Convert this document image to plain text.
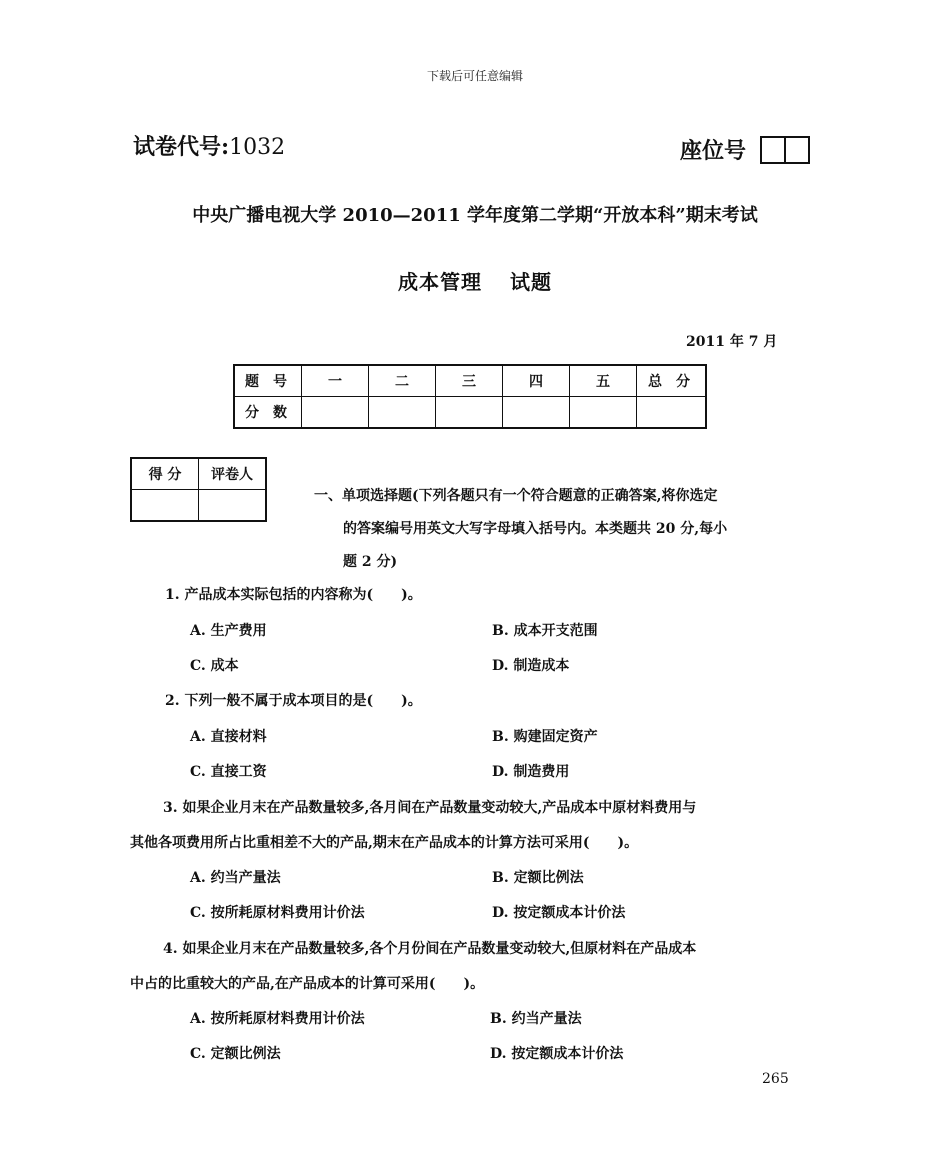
下载后可任意编辑
试卷代号:1032	座位号
中央广播电视大学 2010—2011 学年度第二学期“开放本科”期末考试
成本管理 试题
2011 年 7 月
题号	一	二	三	四	五	总分
分数						
得 分	评卷人

一、单项选择题(下列各题只有一个符合题意的正确答案,将你选定
的答案编号用英文大写字母填入括号内。本类题共 20 分,每小
题 2 分)
1. 产品成本实际包括的内容称为(　　)。
A. 生产费用	B. 成本开支范围
C. 成本	D. 制造成本
2. 下列一般不属于成本项目的是(　　)。
A. 直接材料	B. 购建固定资产
C. 直接工资	D. 制造费用
3. 如果企业月末在产品数量较多,各月间在产品数量变动较大,产品成本中原材料费用与
其他各项费用所占比重相差不大的产品,期末在产品成本的计算方法可采用(　　)。
A. 约当产量法	B. 定额比例法
C. 按所耗原材料费用计价法	D. 按定额成本计价法
4. 如果企业月末在产品数量较多,各个月份间在产品数量变动较大,但原材料在产品成本
中占的比重较大的产品,在产品成本的计算可采用(　　)。
A. 按所耗原材料费用计价法	B. 约当产量法
C. 定额比例法	D. 按定额成本计价法
265
